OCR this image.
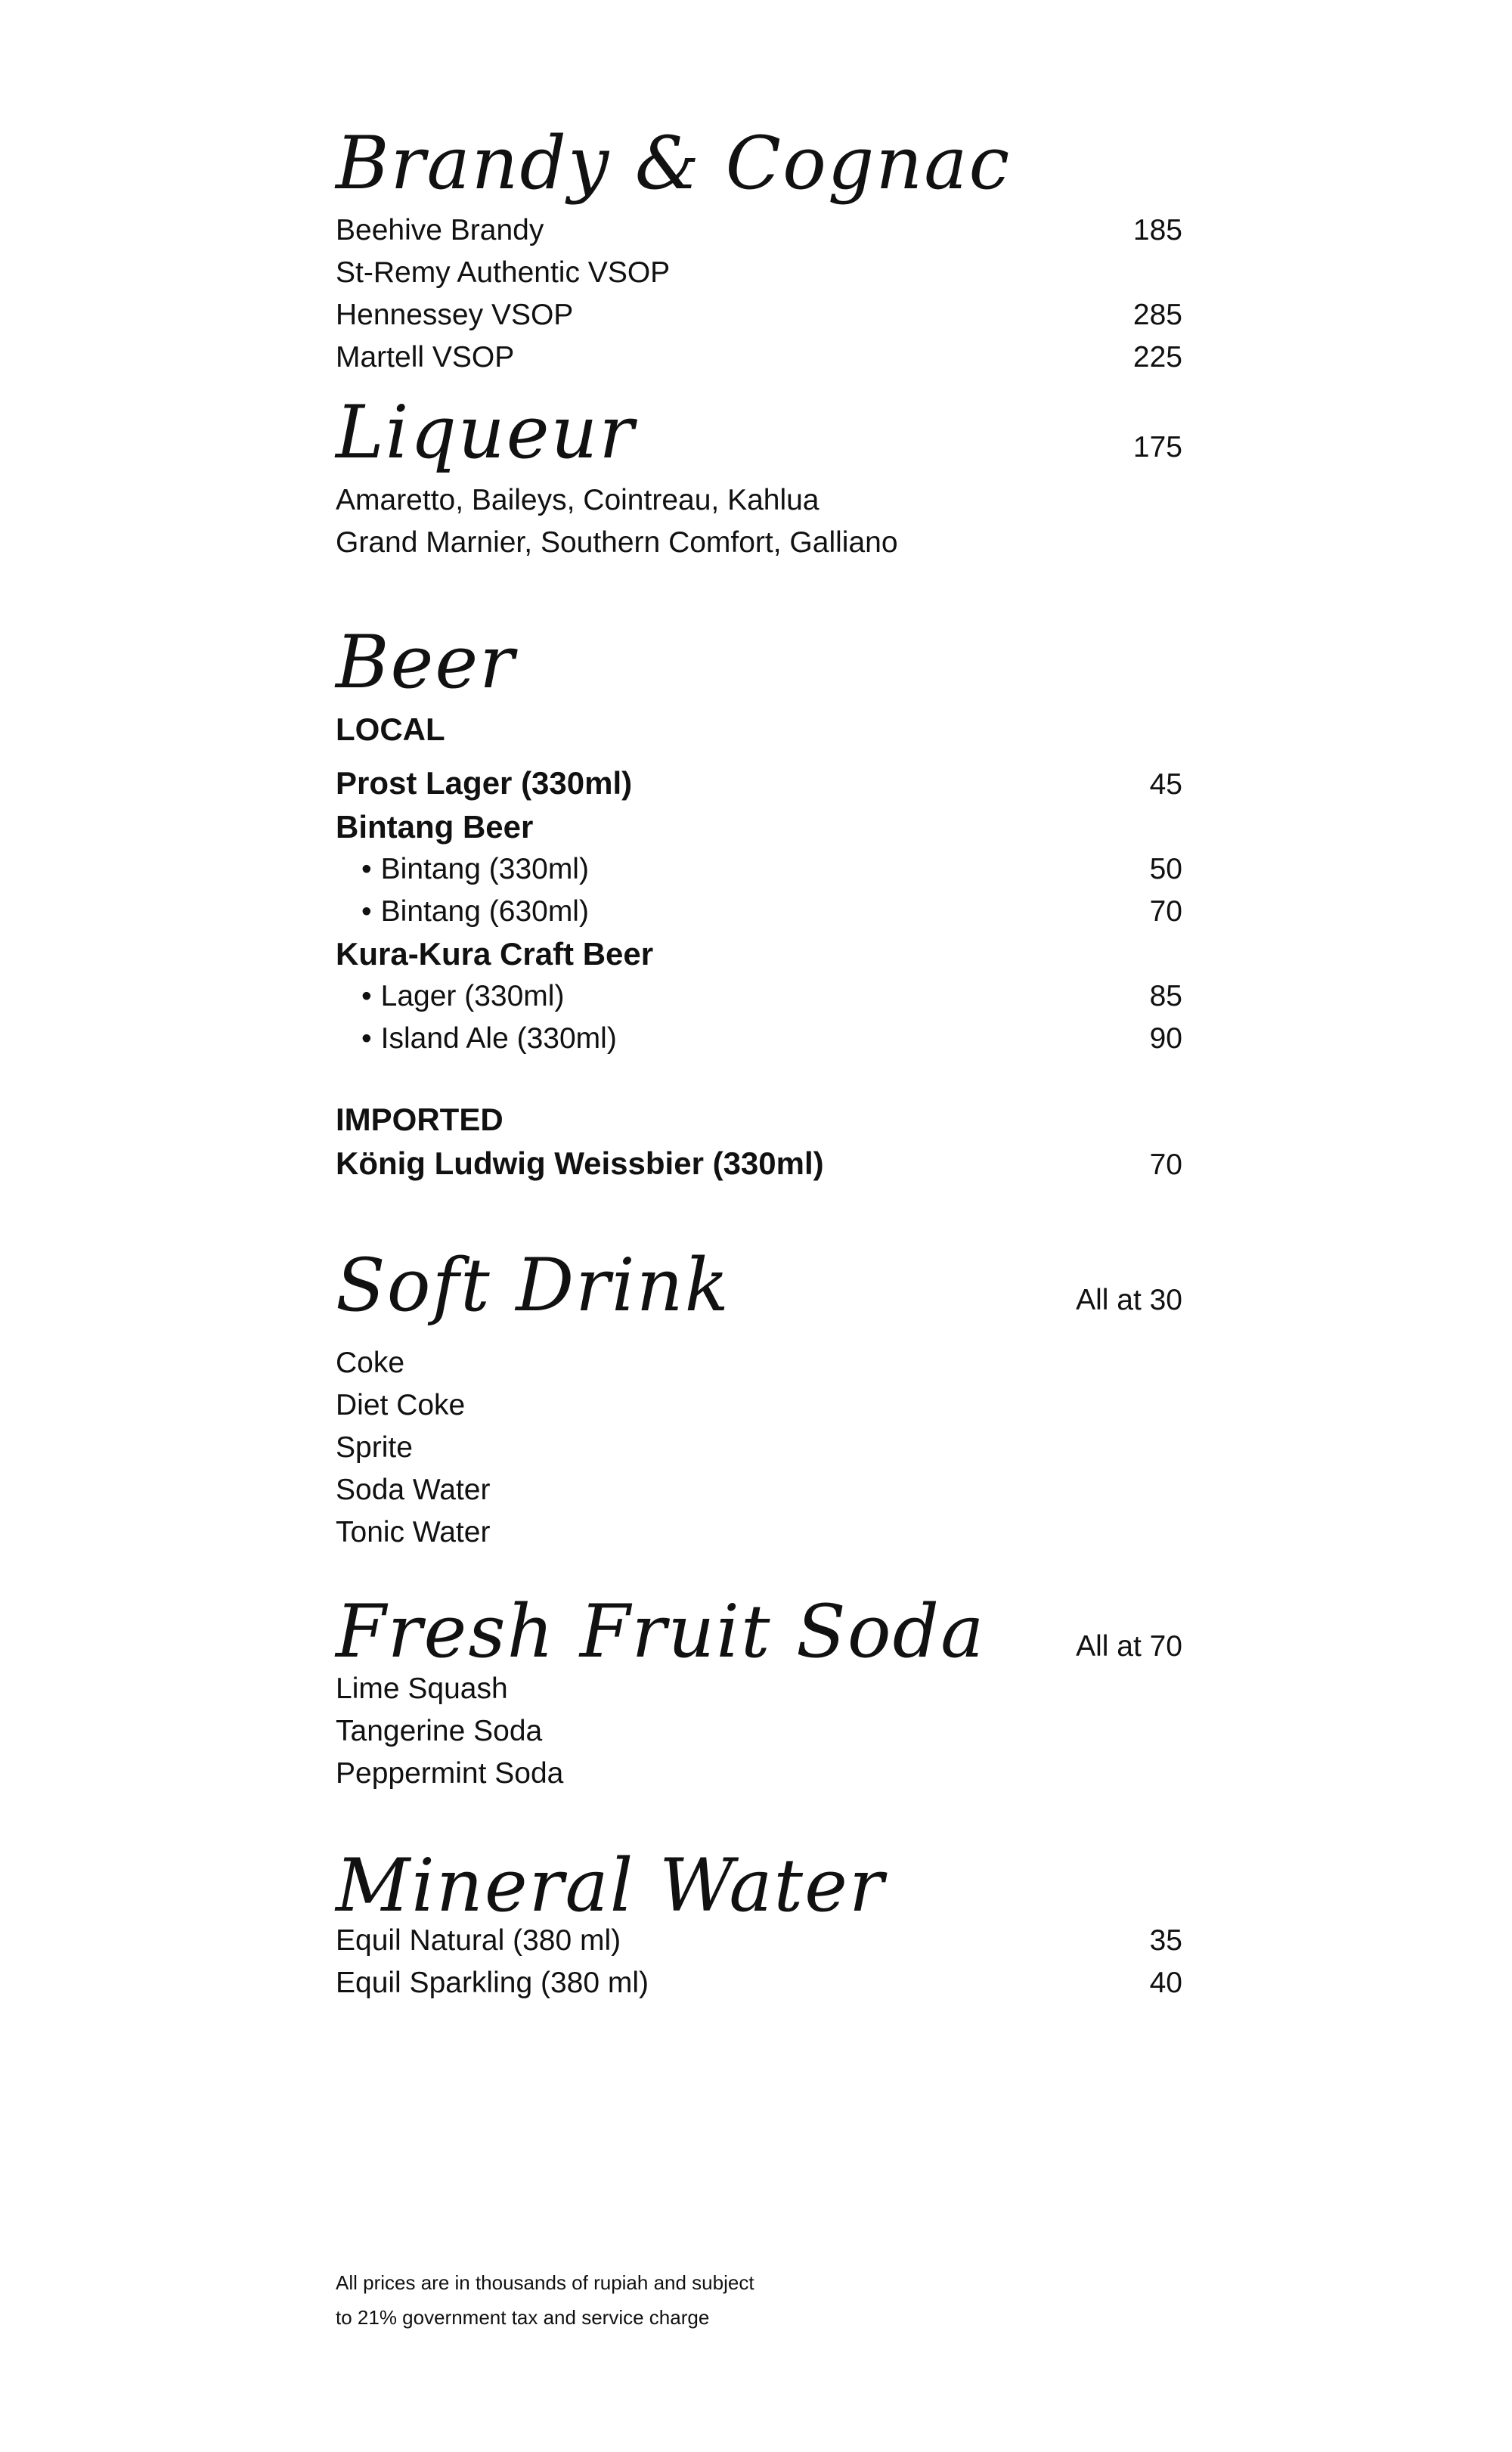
Brandy & Cognac
Beehive Brandy	185
St-Remy Authentic VSOP
Hennessey VSOP	285
Martell VSOP	225
Liqueur	175
Amaretto, Baileys, Cointreau, Kahlua
Grand Marnier, Southern Comfort, Galliano
Beer
LOCAL
Prost Lager (330ml)	45
Bintang Beer
• Bintang (330ml)	50
• Bintang (630ml)	70
Kura-Kura Craft Beer
• Lager (330ml)	85
• Island Ale (330ml)	90
IMPORTED
König Ludwig Weissbier (330ml)	70
Soft Drink	All at 30
Coke
Diet Coke
Sprite
Soda Water
Tonic Water
Fresh Fruit Soda	All at 70
Lime Squash
Tangerine Soda
Peppermint Soda
Mineral Water
Equil Natural (380 ml)	35
Equil Sparkling (380 ml)	40
All prices are in thousands of rupiah and subject
to 21% government tax and service charge
